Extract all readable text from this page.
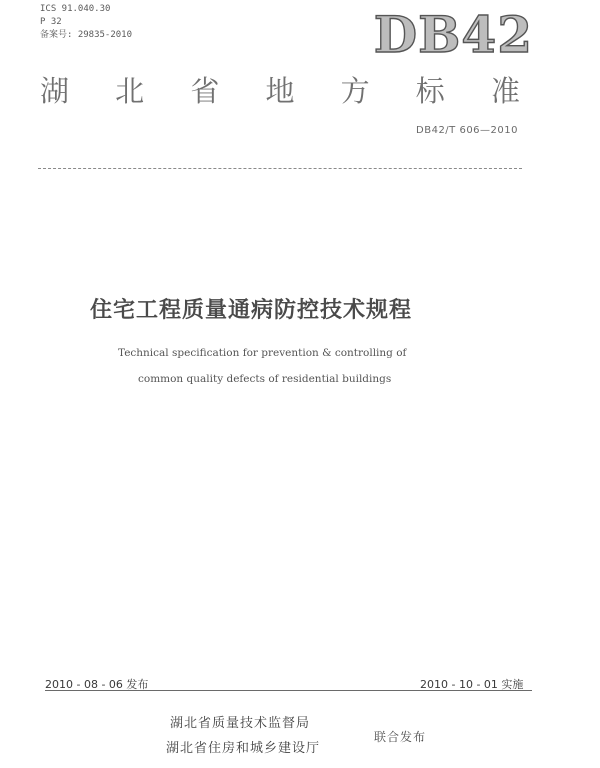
ICS 91.040.30
P 32
备案号: 29835-2010	DB42
湖 北 省 地 方 标 准
DB42/T 606—2010
住宅工程质量通病防控技术规程
Technical specification for prevention & controlling of
common quality defects of residential buildings
2010 - 08 - 06 发布	2010 - 10 - 01 实施
湖北省质量技术监督局
湖北省住房和城乡建设厅
联合发布
